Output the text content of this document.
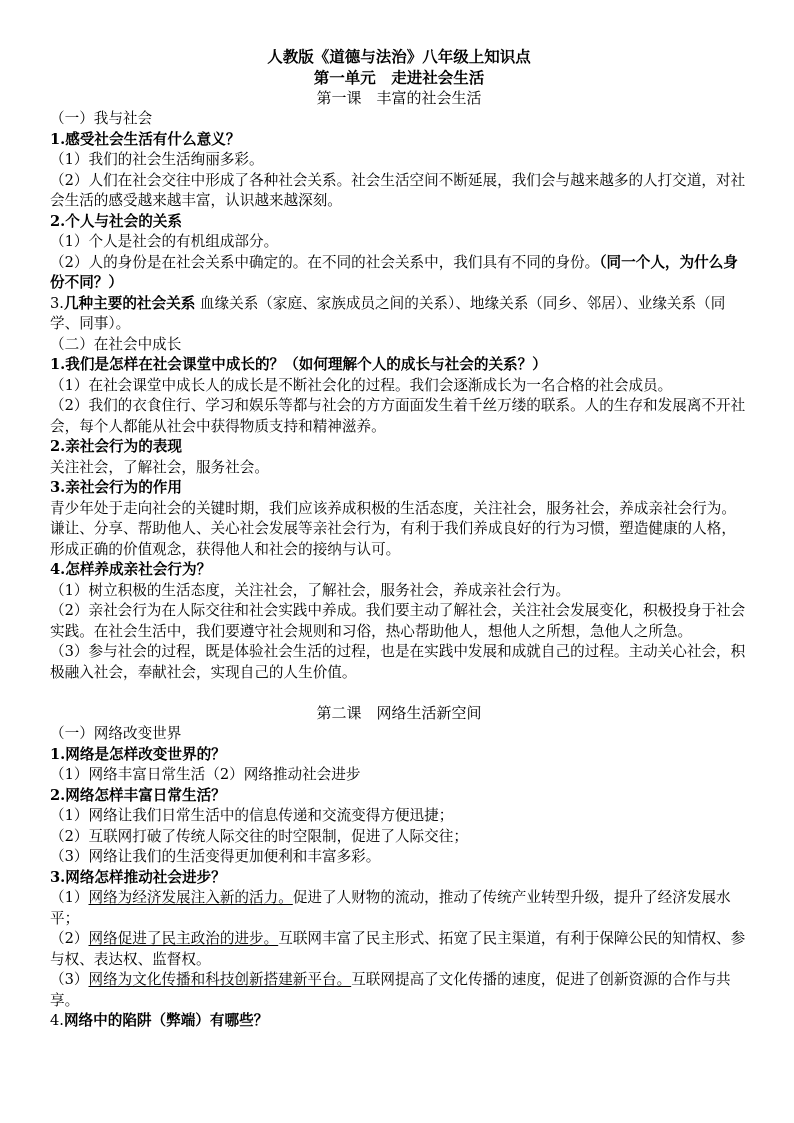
人教版《道德与法治》八年级上知识点
第一单元　走进社会生活
第一课　丰富的社会生活

（一）我与社会

1.感受社会生活有什么意义？

（1）我们的社会生活绚丽多彩。

（2）人们在社会交往中形成了各种社会关系。社会生活空间不断延展，我们会与越来越多的人打交道，对社会生活的感受越来越丰富，认识越来越深刻。

2.个人与社会的关系

（1）个人是社会的有机组成部分。

（2）人的身份是在社会关系中确定的。在不同的社会关系中，我们具有不同的身份。（同一个人，为什么身份不同？）

3.几种主要的社会关系 血缘关系（家庭、家族成员之间的关系）、地缘关系（同乡、邻居）、业缘关系（同学、同事）。

（二）在社会中成长

1.我们是怎样在社会课堂中成长的？（如何理解个人的成长与社会的关系？）

（1）在社会课堂中成长人的成长是不断社会化的过程。我们会逐渐成长为一名合格的社会成员。

（2）我们的衣食住行、学习和娱乐等都与社会的方方面面发生着千丝万缕的联系。人的生存和发展离不开社会，每个人都能从社会中获得物质支持和精神滋养。

2.亲社会行为的表现

关注社会，了解社会，服务社会。

3.亲社会行为的作用

青少年处于走向社会的关键时期，我们应该养成积极的生活态度，关注社会，服务社会，养成亲社会行为。谦让、分享、帮助他人、关心社会发展等亲社会行为，有利于我们养成良好的行为习惯，塑造健康的人格，形成正确的价值观念，获得他人和社会的接纳与认可。

4.怎样养成亲社会行为？

（1）树立积极的生活态度，关注社会，了解社会，服务社会，养成亲社会行为。

（2）亲社会行为在人际交往和社会实践中养成。我们要主动了解社会，关注社会发展变化，积极投身于社会实践。在社会生活中，我们要遵守社会规则和习俗，热心帮助他人，想他人之所想，急他人之所急。

（3）参与社会的过程，既是体验社会生活的过程，也是在实践中发展和成就自己的过程。主动关心社会，积极融入社会，奉献社会，实现自己的人生价值。

第二课　网络生活新空间

（一）网络改变世界

1.网络是怎样改变世界的？

（1）网络丰富日常生活（2）网络推动社会进步

2.网络怎样丰富日常生活？

（1）网络让我们日常生活中的信息传递和交流变得方便迅捷；

（2）互联网打破了传统人际交往的时空限制，促进了人际交往；

（3）网络让我们的生活变得更加便利和丰富多彩。

3.网络怎样推动社会进步？

（1）网络为经济发展注入新的活力。促进了人财物的流动，推动了传统产业转型升级，提升了经济发展水平；

（2）网络促进了民主政治的进步。互联网丰富了民主形式、拓宽了民主渠道，有利于保障公民的知情权、参与权、表达权、监督权。

（3）网络为文化传播和科技创新搭建新平台。互联网提高了文化传播的速度，促进了创新资源的合作与共享。

4.网络中的陷阱（弊端）有哪些？
